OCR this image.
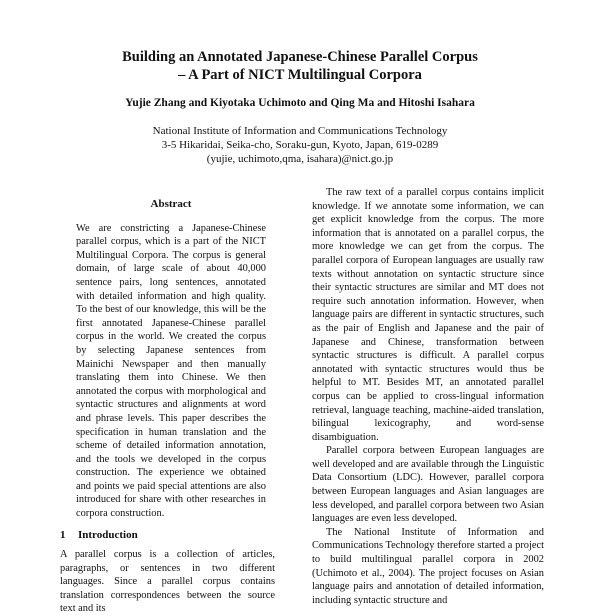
Building an Annotated Japanese-Chinese Parallel Corpus
– A Part of NICT Multilingual Corpora
Yujie Zhang and Kiyotaka Uchimoto and Qing Ma and Hitoshi Isahara
National Institute of Information and Communications Technology
3-5 Hikaridai, Seika-cho, Soraku-gun, Kyoto, Japan, 619-0289
(yujie, uchimoto,qma, isahara)@nict.go.jp
Abstract

We are constricting a Japanese-Chinese parallel corpus, which is a part of the NICT Multilingual Corpora. The corpus is general domain, of large scale of about 40,000 sentence pairs, long sentences, annotated with detailed information and high quality. To the best of our knowledge, this will be the first annotated Japanese-Chinese parallel corpus in the world. We created the corpus by selecting Japanese sentences from Mainichi Newspaper and then manually translating them into Chinese. We then annotated the corpus with morphological and syntactic structures and alignments at word and phrase levels. This paper describes the specification in human translation and the scheme of detailed information annotation, and the tools we developed in the corpus construction. The experience we obtained and points we paid special attentions are also introduced for share with other researches in corpora construction.

1 Introduction

A parallel corpus is a collection of articles, paragraphs, or sentences in two different languages. Since a parallel corpus contains translation correspondences between the source text and its

The raw text of a parallel corpus contains implicit knowledge. If we annotate some information, we can get explicit knowledge from the corpus. The more information that is annotated on a parallel corpus, the more knowledge we can get from the corpus. The parallel corpora of European languages are usually raw texts without annotation on syntactic structure since their syntactic structures are similar and MT does not require such annotation information. However, when language pairs are different in syntactic structures, such as the pair of English and Japanese and the pair of Japanese and Chinese, transformation between syntactic structures is difficult. A parallel corpus annotated with syntactic structures would thus be helpful to MT. Besides MT, an annotated parallel corpus can be applied to cross-lingual information retrieval, language teaching, machine-aided translation, bilingual lexicography, and word-sense disambiguation.

Parallel corpora between European languages are well developed and are available through the Linguistic Data Consortium (LDC). However, parallel corpora between European languages and Asian languages are less developed, and parallel corpora between two Asian languages are even less developed.

The National Institute of Information and Communications Technology therefore started a project to build multilingual parallel corpora in 2002 (Uchimoto et al., 2004). The project focuses on Asian language pairs and annotation of detailed information, including syntactic structure and
